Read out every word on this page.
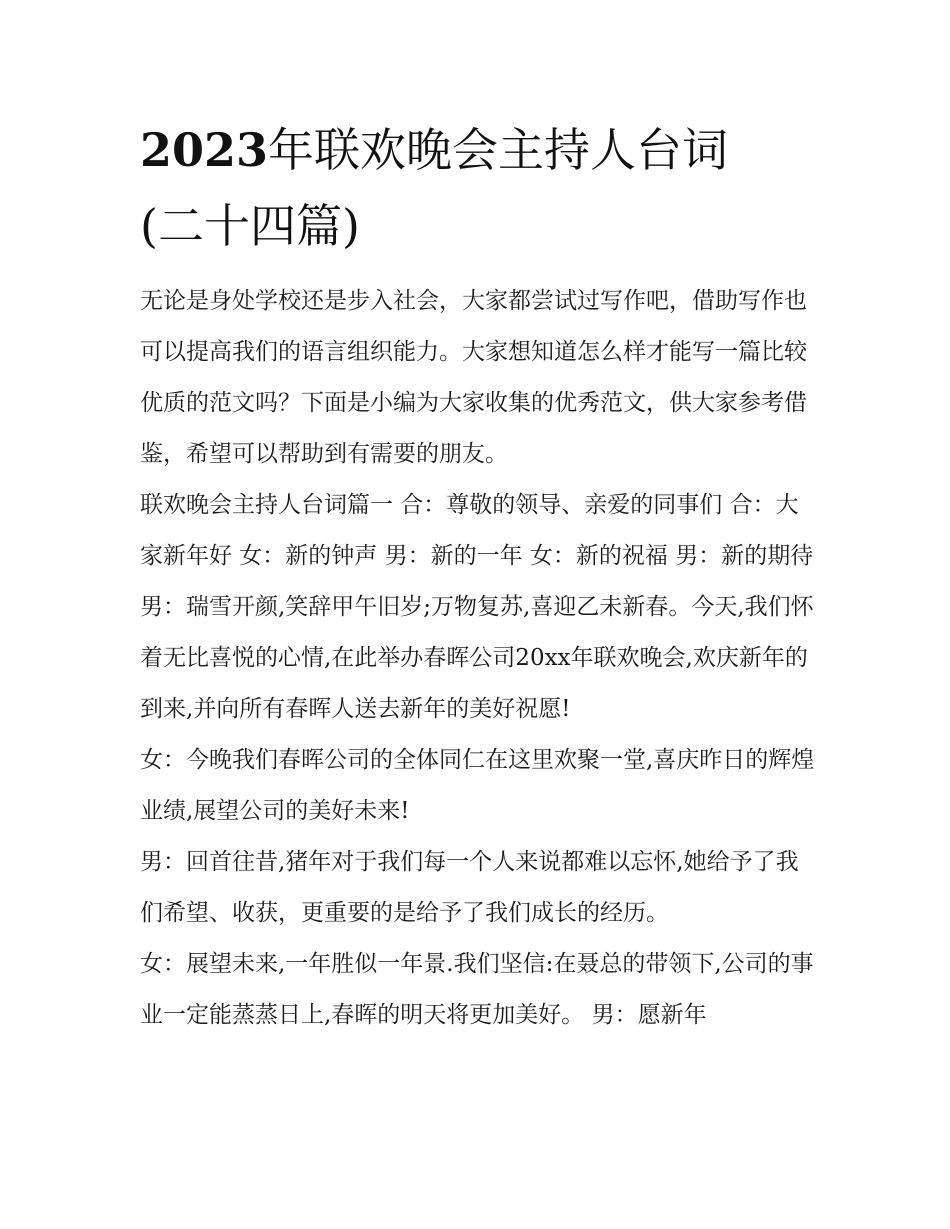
2023年联欢晚会主持人台词
(二十四篇)

无论是身处学校还是步入社会，大家都尝试过写作吧，借助写作也可以提高我们的语言组织能力。大家想知道怎么样才能写一篇比较优质的范文吗？下面是小编为大家收集的优秀范文，供大家参考借鉴，希望可以帮助到有需要的朋友。

联欢晚会主持人台词篇一 合：尊敬的领导、亲爱的同事们 合：大家新年好 女：新的钟声 男：新的一年 女：新的祝福 男：新的期待

男：瑞雪开颜,笑辞甲午旧岁;万物复苏,喜迎乙未新春。今天,我们怀着无比喜悦的心情,在此举办春晖公司20xx年联欢晚会,欢庆新年的到来,并向所有春晖人送去新年的美好祝愿!

女：今晚我们春晖公司的全体同仁在这里欢聚一堂,喜庆昨日的辉煌业绩,展望公司的美好未来!

男：回首往昔,猪年对于我们每一个人来说都难以忘怀,她给予了我们希望、收获，更重要的是给予了我们成长的经历。

女：展望未来,一年胜似一年景.我们坚信:在聂总的带领下,公司的事业一定能蒸蒸日上,春晖的明天将更加美好。 男：愿新年
